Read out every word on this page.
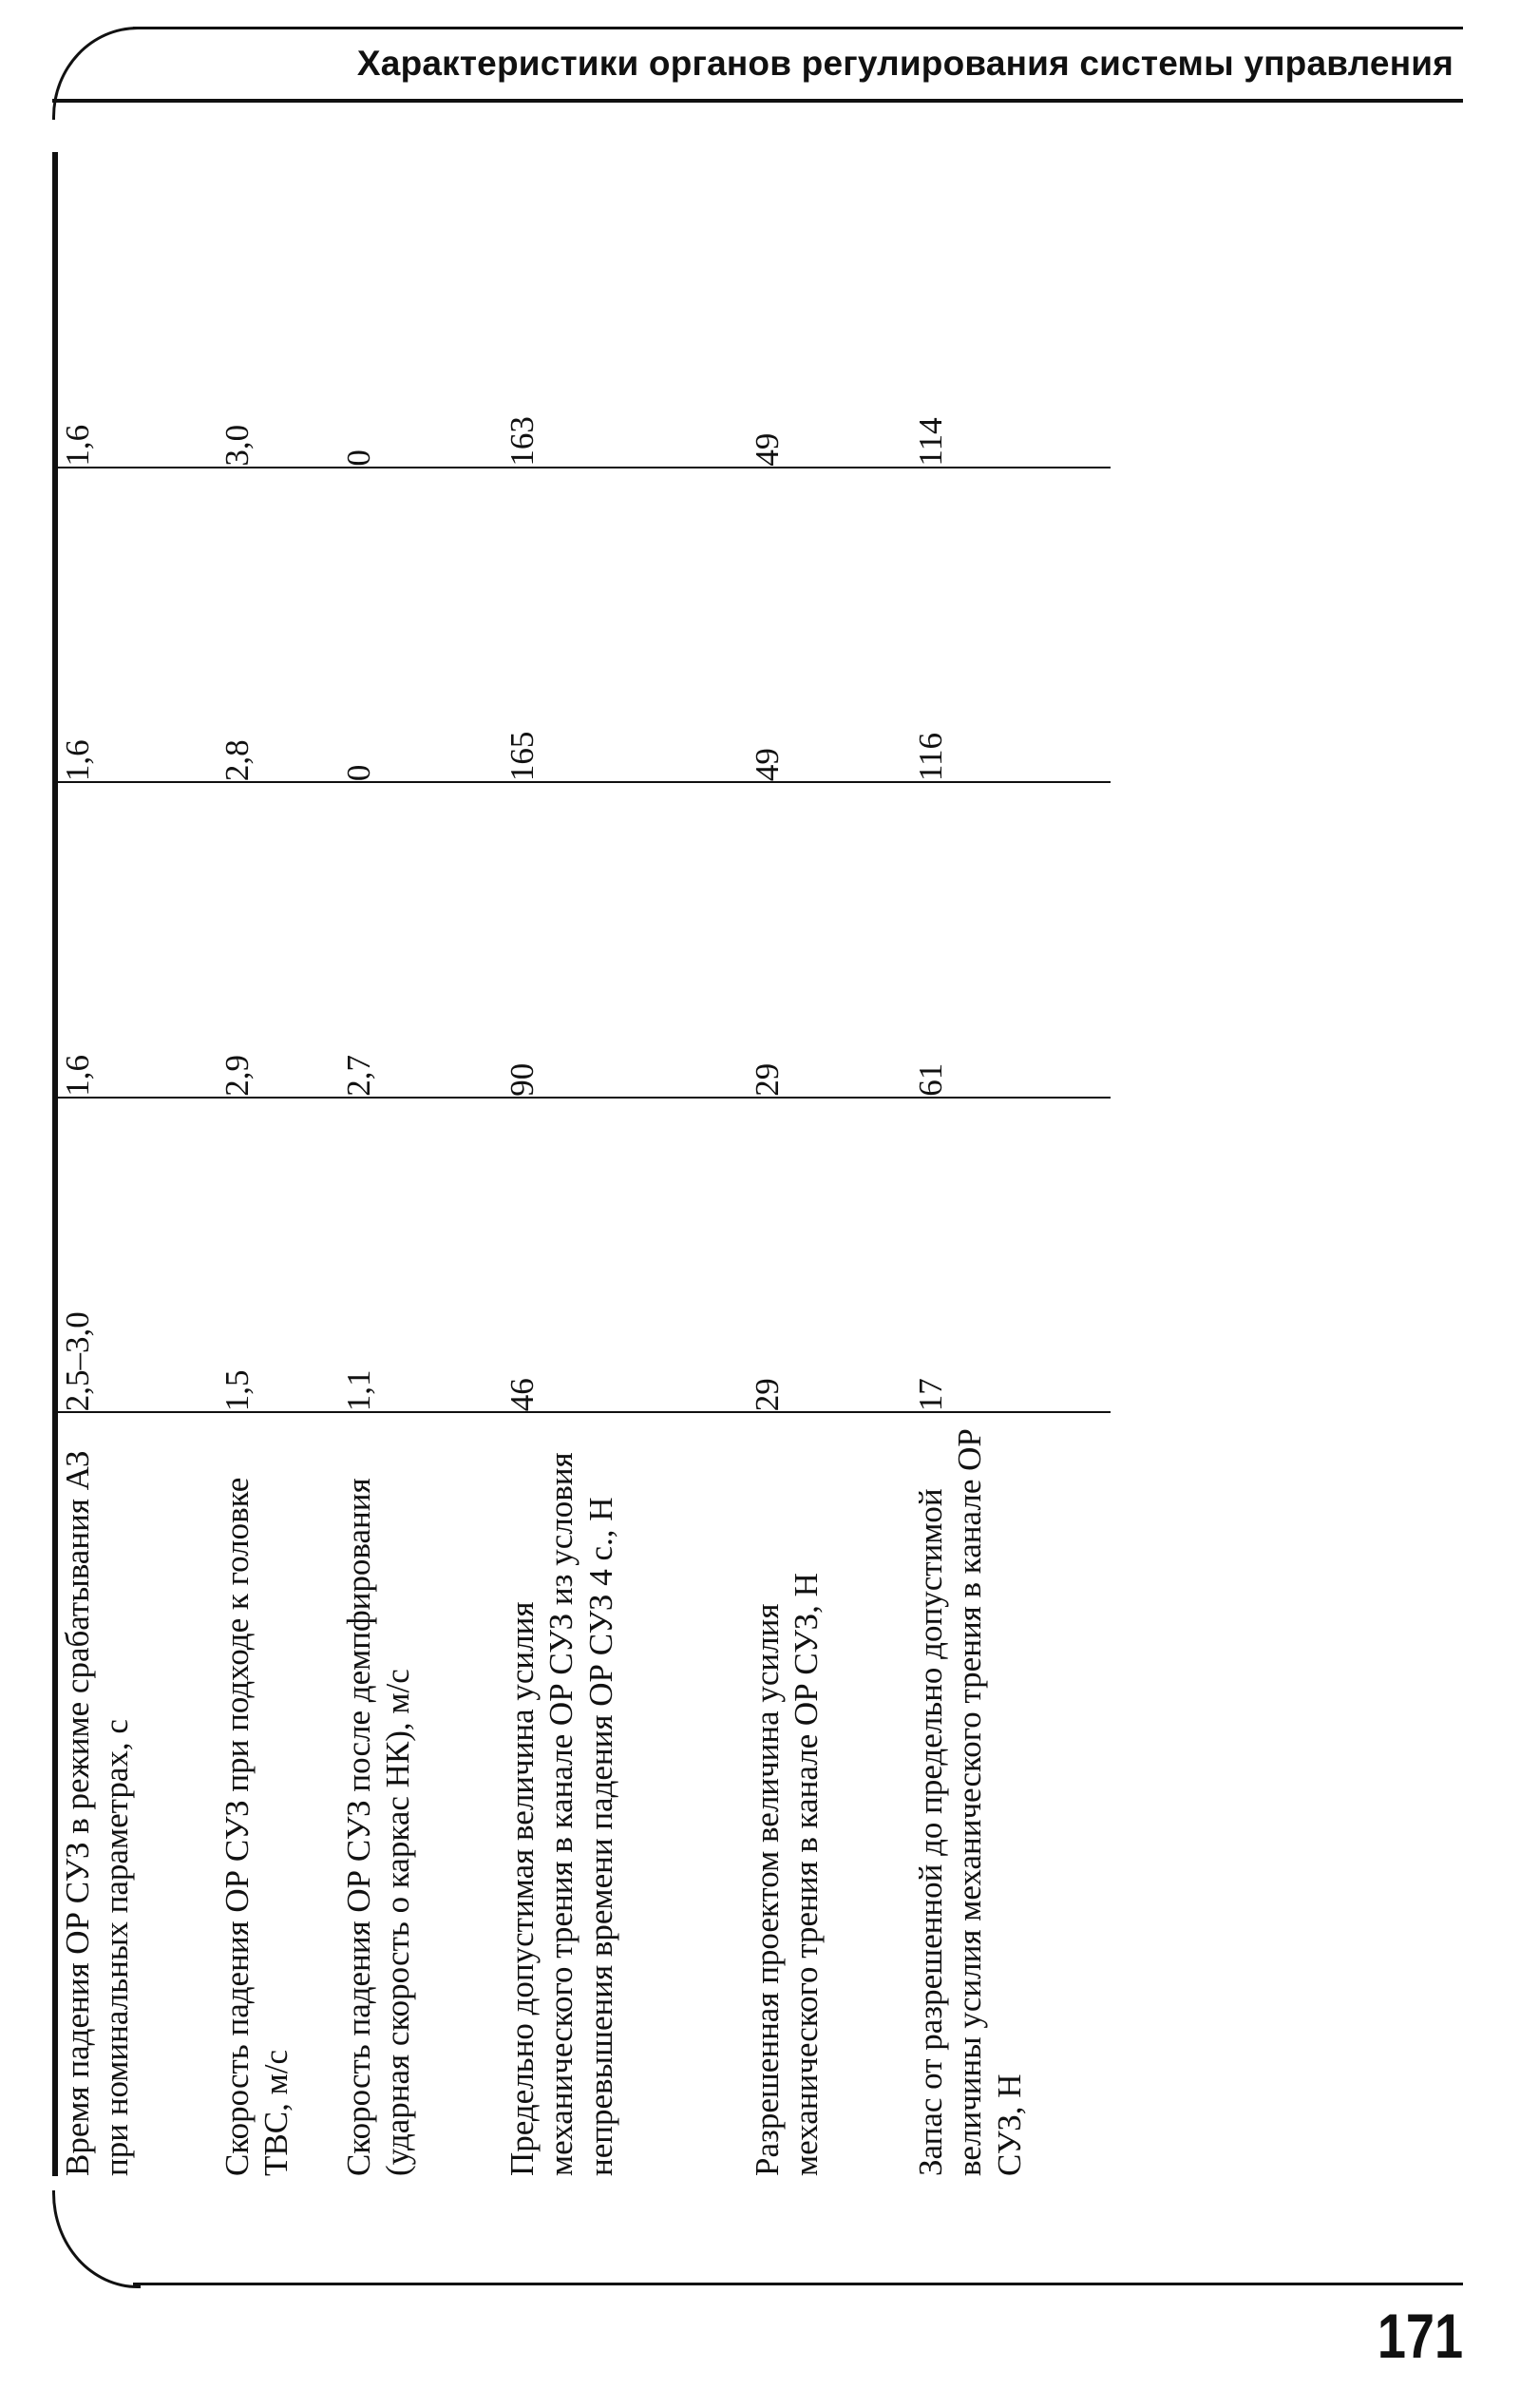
Характеристики органов регулирования системы управления
Время падения ОР СУЗ в режиме срабатывания АЗ при номинальных параметрах, с	2,5–3,0	1,6	1,6	1,6
Скорость падения ОР СУЗ при подходе к головке ТВС, м/с	1,5	2,9	2,8	3,0
Скорость падения ОР СУЗ после демпфирования (ударная скорость о каркас НК), м/с	1,1	2,7	0	0
Предельно допустимая величина усилия механического трения в канале ОР СУЗ из условия непревышения времени падения ОР СУЗ 4 с., Н	46	90	165	163
Разрешенная проектом величина усилия механического трения в канале ОР СУЗ, Н	29	29	49	49
Запас от разрешенной до предельно допустимой величины усилия механического трения в канале ОР СУЗ, Н	17	61	116	114
171
